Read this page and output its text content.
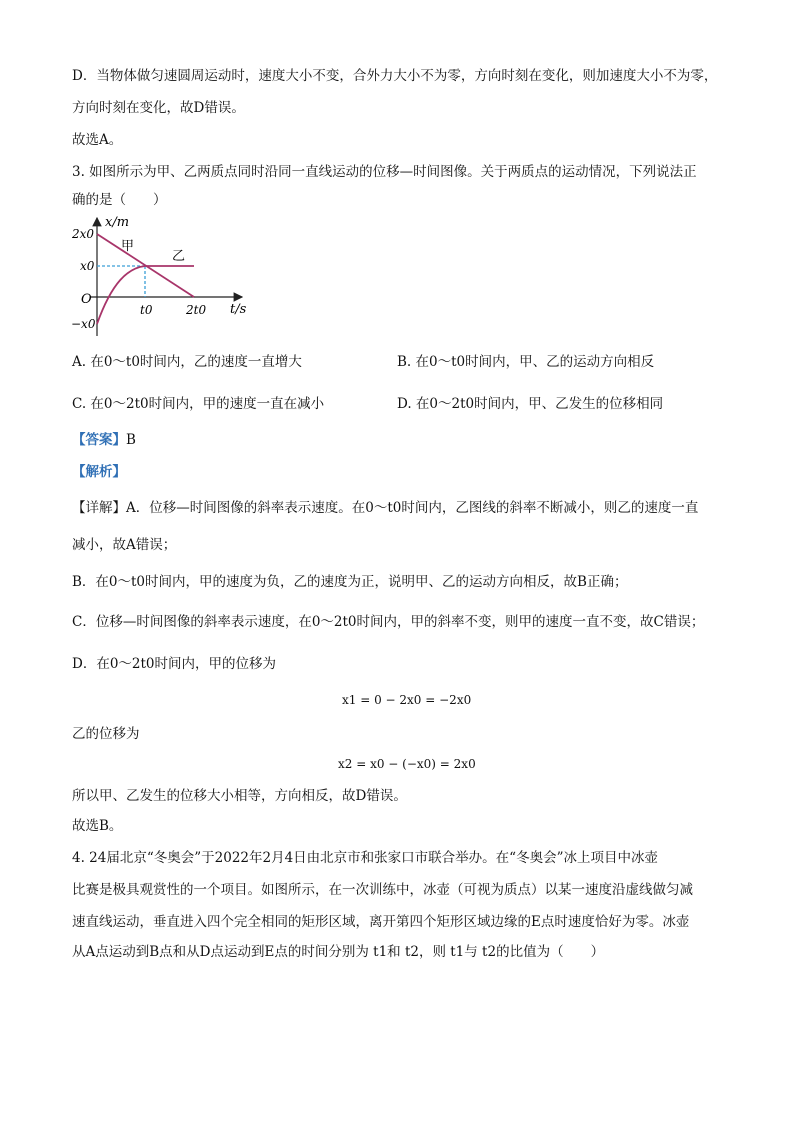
D．当物体做匀速圆周运动时，速度大小不变，合外力大小不为零，方向时刻在变化，则加速度大小不为零，
方向时刻在变化，故D错误。
故选A。
3. 如图所示为甲、乙两质点同时沿同一直线运动的位移—时间图像。关于两质点的运动情况，下列说法正
确的是（　　）
x/m
t/s
2x0
x0
O
−x0
t0	2t0
甲
乙
A. 在0～t0时间内，乙的速度一直增大	B. 在0～t0时间内，甲、乙的运动方向相反
C. 在0～2t0时间内，甲的速度一直在减小	D. 在0～2t0时间内，甲、乙发生的位移相同
【答案】B
【解析】
【详解】A．位移—时间图像的斜率表示速度。在0～t0时间内，乙图线的斜率不断减小，则乙的速度一直
减小，故A错误；
B．在0～t0时间内，甲的速度为负，乙的速度为正，说明甲、乙的运动方向相反，故B正确；
C．位移—时间图像的斜率表示速度，在0～2t0时间内，甲的斜率不变，则甲的速度一直不变，故C错误；
D．在0～2t0时间内，甲的位移为
x1 = 0 − 2x0 = −2x0
乙的位移为
x2 = x0 − (−x0) = 2x0
所以甲、乙发生的位移大小相等，方向相反，故D错误。
故选B。
4. 24届北京“冬奥会”于2022年2月4日由北京市和张家口市联合举办。在“冬奥会”冰上项目中冰壶
比赛是极具观赏性的一个项目。如图所示，在一次训练中，冰壶（可视为质点）以某一速度沿虚线做匀减
速直线运动，垂直进入四个完全相同的矩形区域，离开第四个矩形区域边缘的E点时速度恰好为零。冰壶
从A点运动到B点和从D点运动到E点的时间分别为 t1和 t2，则 t1与 t2的比值为（　　）
